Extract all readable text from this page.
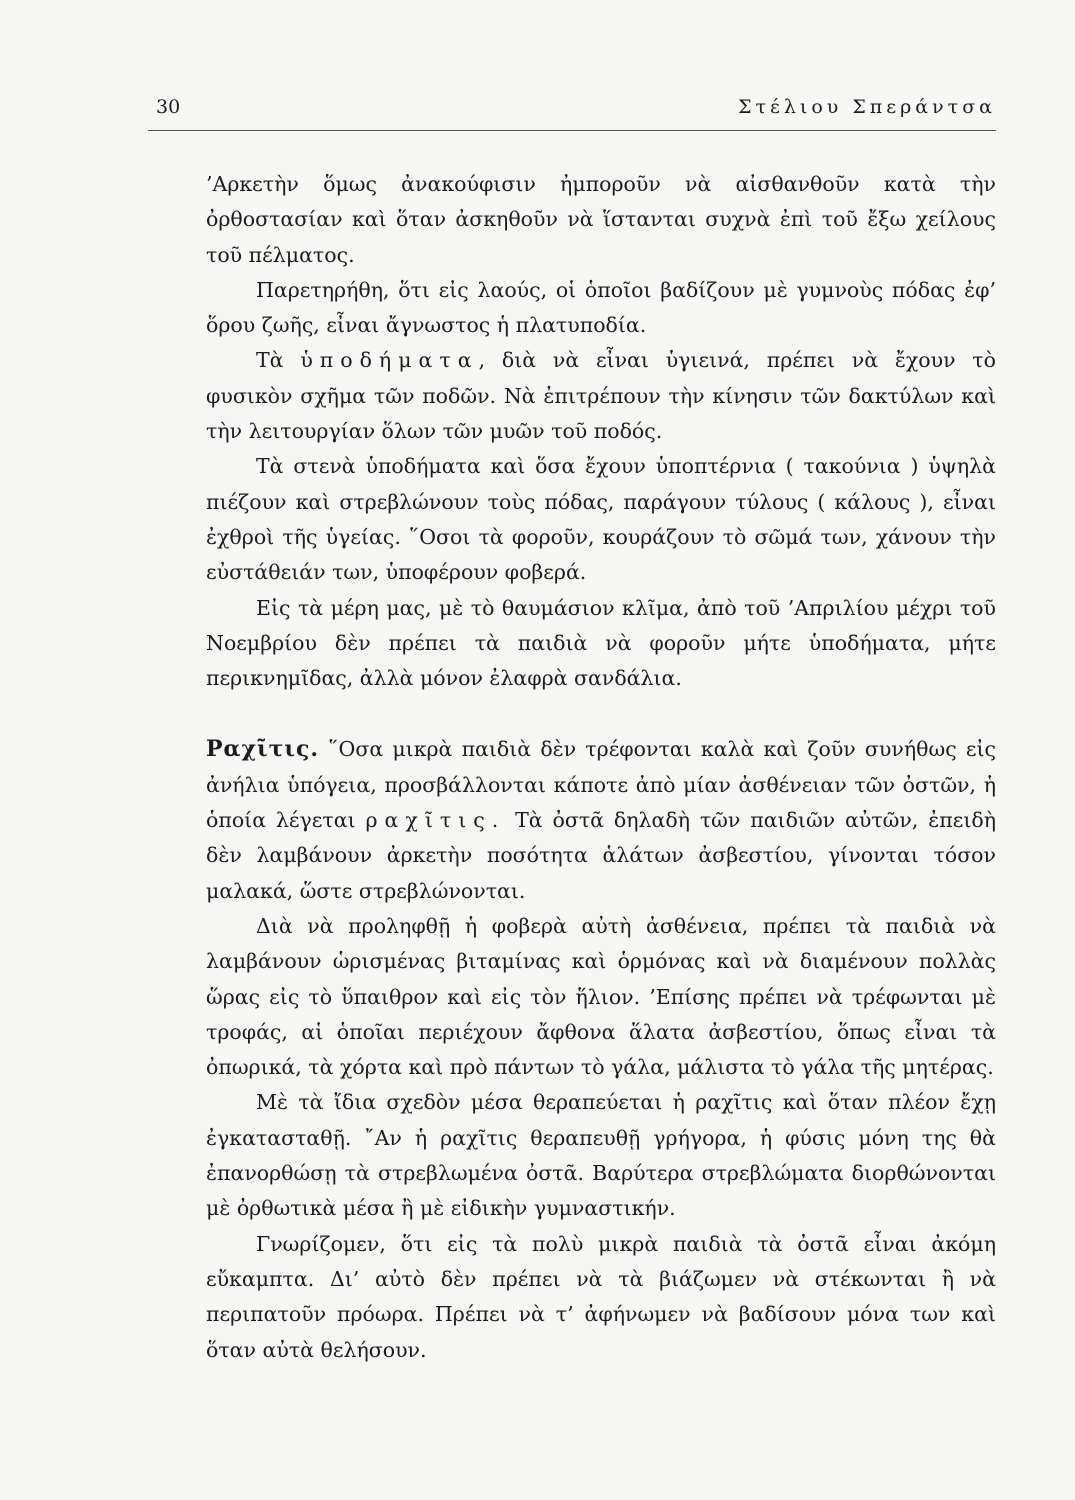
30	Στέλιου Σπεράντσα

’Αρκετὴν ὅμως ἀνακούφισιν ἠμποροῦν νὰ αἰσθανθοῦν κατὰ τὴν ὀρθοστασίαν καὶ ὅταν ἀσκηθοῦν νὰ ἵστανται συχνὰ ἐπὶ τοῦ ἔξω χείλους τοῦ πέλματος.

Παρετηρήθη, ὅτι εἰς λαούς, οἱ ὁποῖοι βαδίζουν μὲ γυμνοὺς πόδας ἐφ’ ὅρου ζωῆς, εἶναι ἄγνωστος ἡ πλατυποδία.

Τὰ ὑποδήματα, διὰ νὰ εἶναι ὑγιεινά, πρέπει νὰ ἔχουν τὸ φυσικὸν σχῆμα τῶν ποδῶν. Νὰ ἐπιτρέπουν τὴν κίνησιν τῶν δακτύλων καὶ τὴν λειτουργίαν ὅλων τῶν μυῶν τοῦ ποδός.

Τὰ στενὰ ὑποδήματα καὶ ὅσα ἔχουν ὑποπτέρνια ( τακούνια ) ὑψηλὰ πιέζουν καὶ στρεβλώνουν τοὺς πόδας, παράγουν τύλους ( κάλους ), εἶναι ἐχθροὶ τῆς ὑγείας. ῞Οσοι τὰ φοροῦν, κουράζουν τὸ σῶμά των, χάνουν τὴν εὐστάθειάν των, ὑποφέρουν φοβερά.

Εἰς τὰ μέρη μας, μὲ τὸ θαυμάσιον κλῖμα, ἀπὸ τοῦ ’Απριλίου μέχρι τοῦ Νοεμβρίου δὲν πρέπει τὰ παιδιὰ νὰ φοροῦν μήτε ὑποδήματα, μήτε περικνημῖδας, ἀλλὰ μόνον ἐλαφρὰ σανδάλια.

Ραχῖτις. ῞Οσα μικρὰ παιδιὰ δὲν τρέφονται καλὰ καὶ ζοῦν συνήθως εἰς ἀνήλια ὑπόγεια, προσβάλλονται κάποτε ἀπὸ μίαν ἀσθένειαν τῶν ὀστῶν, ἡ ὁποία λέγεται ραχῖτις. Τὰ ὀστᾶ δηλαδὴ τῶν παιδιῶν αὐτῶν, ἐπειδὴ δὲν λαμβάνουν ἀρκετὴν ποσότητα ἁλάτων ἀσβεστίου, γίνονται τόσον μαλακά, ὥστε στρεβλώνονται.

Διὰ νὰ προληφθῇ ἡ φοβερὰ αὐτὴ ἀσθένεια, πρέπει τὰ παιδιὰ νὰ λαμβάνουν ὡρισμένας βιταμίνας καὶ ὁρμόνας καὶ νὰ διαμένουν πολλὰς ὥρας εἰς τὸ ὕπαιθρον καὶ εἰς τὸν ἥλιον. ’Επίσης πρέπει νὰ τρέφωνται μὲ τροφάς, αἱ ὁποῖαι περιέχουν ἄφθονα ἅλατα ἀσβεστίου, ὅπως εἶναι τὰ ὀπωρικά, τὰ χόρτα καὶ πρὸ πάντων τὸ γάλα, μάλιστα τὸ γάλα τῆς μητέρας.

Μὲ τὰ ἴδια σχεδὸν μέσα θεραπεύεται ἡ ραχῖτις καὶ ὅταν πλέον ἔχῃ ἐγκατασταθῇ. ῎Αν ἡ ραχῖτις θεραπευθῇ γρήγορα, ἡ φύσις μόνη της θὰ ἐπανορθώσῃ τὰ στρεβλωμένα ὀστᾶ. Βαρύτερα στρεβλώματα διορθώνονται μὲ ὀρθωτικὰ μέσα ἢ μὲ εἰδικὴν γυμναστικήν.

Γνωρίζομεν, ὅτι εἰς τὰ πολὺ μικρὰ παιδιὰ τὰ ὀστᾶ εἶναι ἀκόμη εὔκαμπτα. Δι’ αὐτὸ δὲν πρέπει νὰ τὰ βιάζωμεν νὰ στέκωνται ἢ νὰ περιπατοῦν πρόωρα. Πρέπει νὰ τ’ ἀφήνωμεν νὰ βαδίσουν μόνα των καὶ ὅταν αὐτὰ θελήσουν.
